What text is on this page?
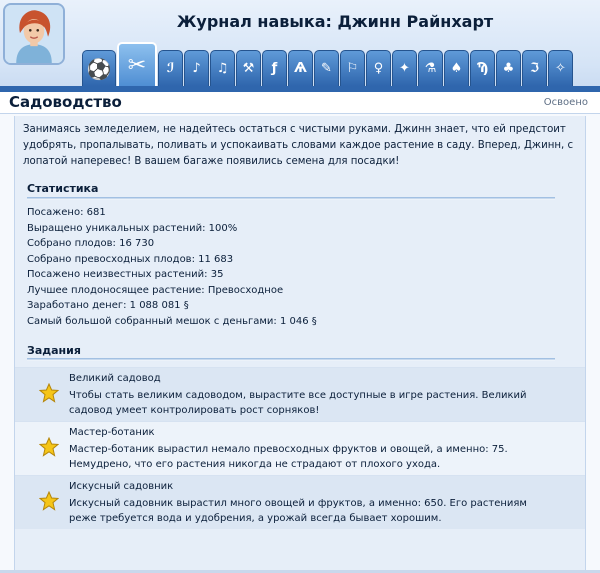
Журнал навыка: Джинн Райнхарт
⚽ ✂ ℐ ♪ ♫ ⚒ ƒ Ѧ ✎ ⚐ ♀ ✦ ⚗ ♠ Ϡ ♣ ℑ ✧
Садоводство	Освоено
Занимаясь земледелием, не надейтесь остаться с чистыми руками. Джинн знает, что ей предстоит удобрять, пропалывать, поливать и успокаивать словами каждое растение в саду. Вперед, Джинн, с лопатой наперевес! В вашем багаже появились семена для посадки!
Статистика
Посажено: 681
Выращено уникальных растений: 100%
Собрано плодов: 16 730
Собрано превосходных плодов: 11 683
Посажено неизвестных растений: 35
Лучшее плодоносящее растение: Превосходное
Заработано денег: 1 088 081 §
Самый большой собранный мешок с деньгами: 1 046 §
Задания
Великий садовод
Чтобы стать великим садоводом, вырастите все доступные в игре растения. Великий садовод умеет контролировать рост сорняков!
Мастер-ботаник
Мастер-ботаник вырастил немало превосходных фруктов и овощей, а именно: 75. Немудрено, что его растения никогда не страдают от плохого ухода.
Искусный садовник
Искусный садовник вырастил много овощей и фруктов, а именно: 650. Его растениям реже требуется вода и удобрения, а урожай всегда бывает хорошим.
